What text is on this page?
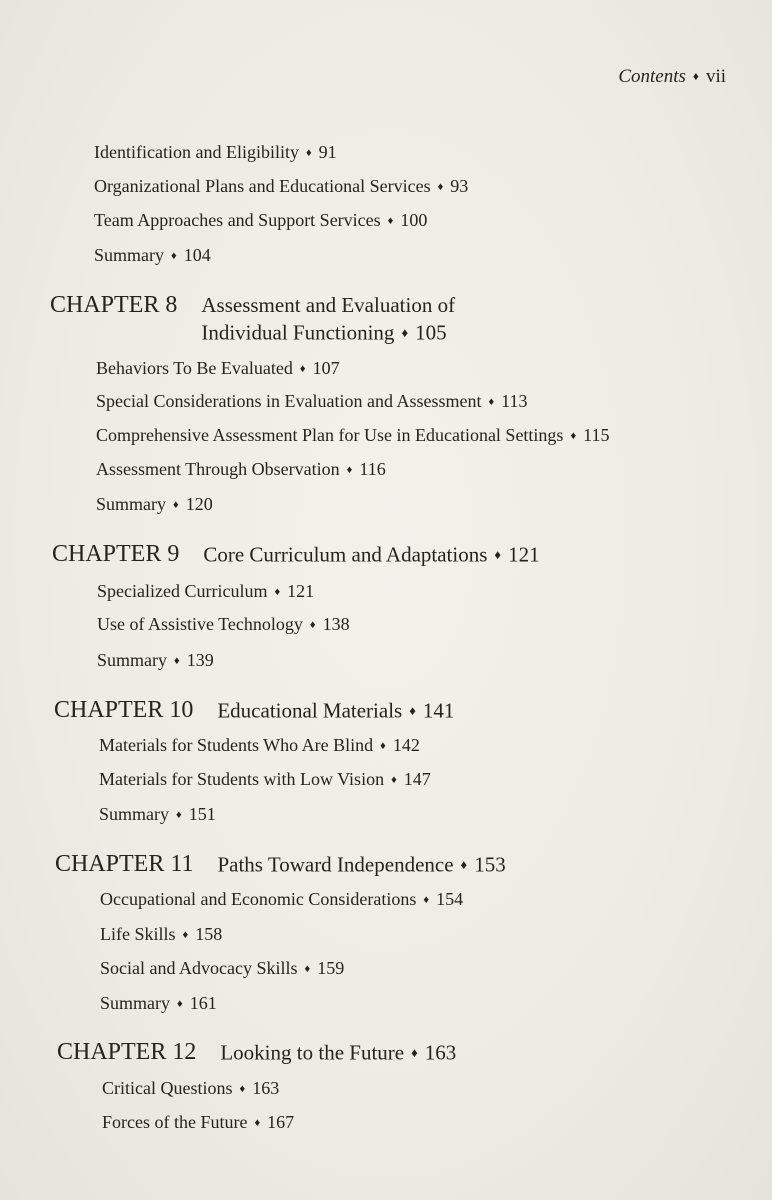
Contents ♦ vii
Identification and Eligibility ♦ 91
Organizational Plans and Educational Services ♦ 93
Team Approaches and Support Services ♦ 100
Summary ♦ 104
CHAPTER 8 Assessment and Evaluation of
Individual Functioning ♦ 105
Behaviors To Be Evaluated ♦ 107
Special Considerations in Evaluation and Assessment ♦ 113
Comprehensive Assessment Plan for Use in Educational Settings ♦ 115
Assessment Through Observation ♦ 116
Summary ♦ 120
CHAPTER 9 Core Curriculum and Adaptations ♦ 121
Specialized Curriculum ♦ 121
Use of Assistive Technology ♦ 138
Summary ♦ 139
CHAPTER 10 Educational Materials ♦ 141
Materials for Students Who Are Blind ♦ 142
Materials for Students with Low Vision ♦ 147
Summary ♦ 151
CHAPTER 11 Paths Toward Independence ♦ 153
Occupational and Economic Considerations ♦ 154
Life Skills ♦ 158
Social and Advocacy Skills ♦ 159
Summary ♦ 161
CHAPTER 12 Looking to the Future ♦ 163
Critical Questions ♦ 163
Forces of the Future ♦ 167
